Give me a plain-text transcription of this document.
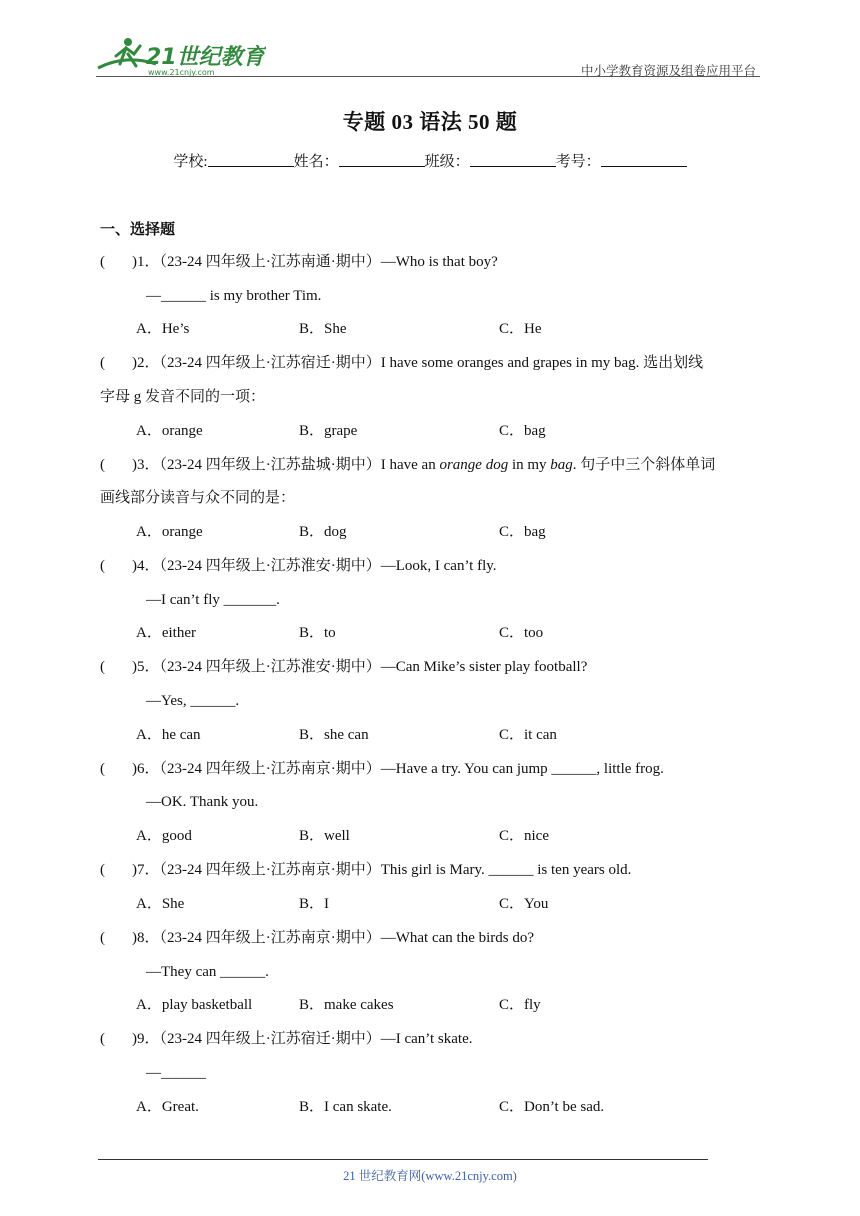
21世纪教育
www.21cnjy.com	中小学教育资源及组卷应用平台
专题 03 语法 50 题
学校:	姓名：	班级：	考号：
一、选择题
( )1．（23-24 四年级上·江苏南通·期中）—Who is that boy?
—______ is my brother Tim.
A．He’s	B．She	C．He
( )2．（23-24 四年级上·江苏宿迁·期中）I have some oranges and grapes in my bag. 选出划线
字母 g 发音不同的一项：
A．orange	B．grape	C．bag
( )3．（23-24 四年级上·江苏盐城·期中）I have an orange dog in my bag. 句子中三个斜体单词
画线部分读音与众不同的是：
A．orange	B．dog	C．bag
( )4．（23-24 四年级上·江苏淮安·期中）—Look, I can’t fly.
—I can’t fly _______.
A．either	B．to	C．too
( )5．（23-24 四年级上·江苏淮安·期中）—Can Mike’s sister play football?
—Yes, ______.
A．he can	B．she can	C．it can
( )6．（23-24 四年级上·江苏南京·期中）—Have a try. You can jump ______, little frog.
—OK. Thank you.
A．good	B．well	C．nice
( )7．（23-24 四年级上·江苏南京·期中）This girl is Mary. ______ is ten years old.
A．She	B．I	C．You
( )8．（23-24 四年级上·江苏南京·期中）—What can the birds do?
—They can ______.
A．play basketball	B．make cakes	C．fly
( )9．（23-24 四年级上·江苏宿迁·期中）—I can’t skate.
—______
A．Great.	B．I can skate.	C．Don’t be sad.
21 世纪教育网(www.21cnjy.com)
